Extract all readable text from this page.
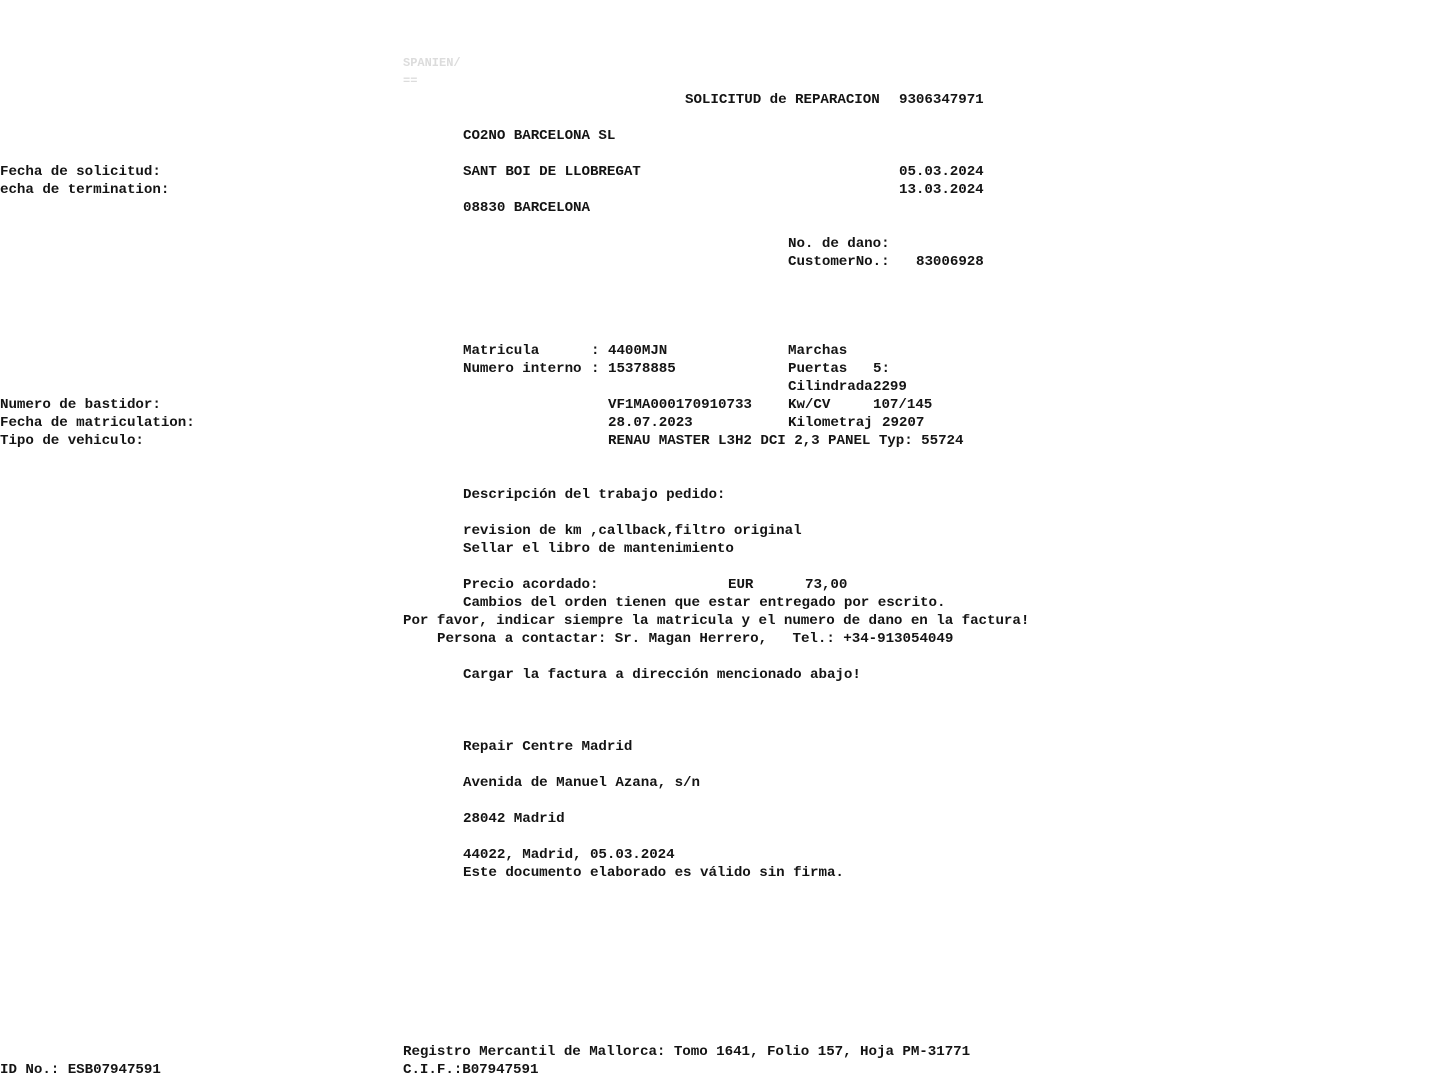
SPANIEN/
==
SOLICITUD de REPARACION 9306347971
CO2NO BARCELONA SL
SANT BOI DE LLOBREGAT
08830 BARCELONA
Fecha de solicitud:	05.03.2024
echa de termination:	13.03.2024
No. de dano:
CustomerNo.: 83006928
Matricula	: 4400MJN
Numero interno : 15378885
Numero de bastidor:	VF1MA000170910733
Fecha de matriculation:	28.07.2023
Tipo de vehiculo:	RENAU MASTER L3H2 DCI 2,3 PANEL Typ: 55724
Marchas
Puertas 5:
Cilindrada 2299
Kw/CV	107/145
Kilometraj 29207
Descripción del trabajo pedido:
revision de km ,callback,filtro original
Sellar el libro de mantenimiento
Precio acordado:	EUR	73,00
Cambios del orden tienen que estar entregado por escrito.
Por favor, indicar siempre la matricula y el numero de dano en la factura!
Persona a contactar: Sr. Magan Herrero,   Tel.: +34-913054049
Cargar la factura a dirección mencionado abajo!
Repair Centre Madrid
Avenida de Manuel Azana, s/n
28042 Madrid
44022, Madrid, 05.03.2024
Este documento elaborado es válido sin firma.
Registro Mercantil de Mallorca: Tomo 1641, Folio 157, Hoja PM-31771
C.I.F.:B07947591
ID No.: ESB07947591
